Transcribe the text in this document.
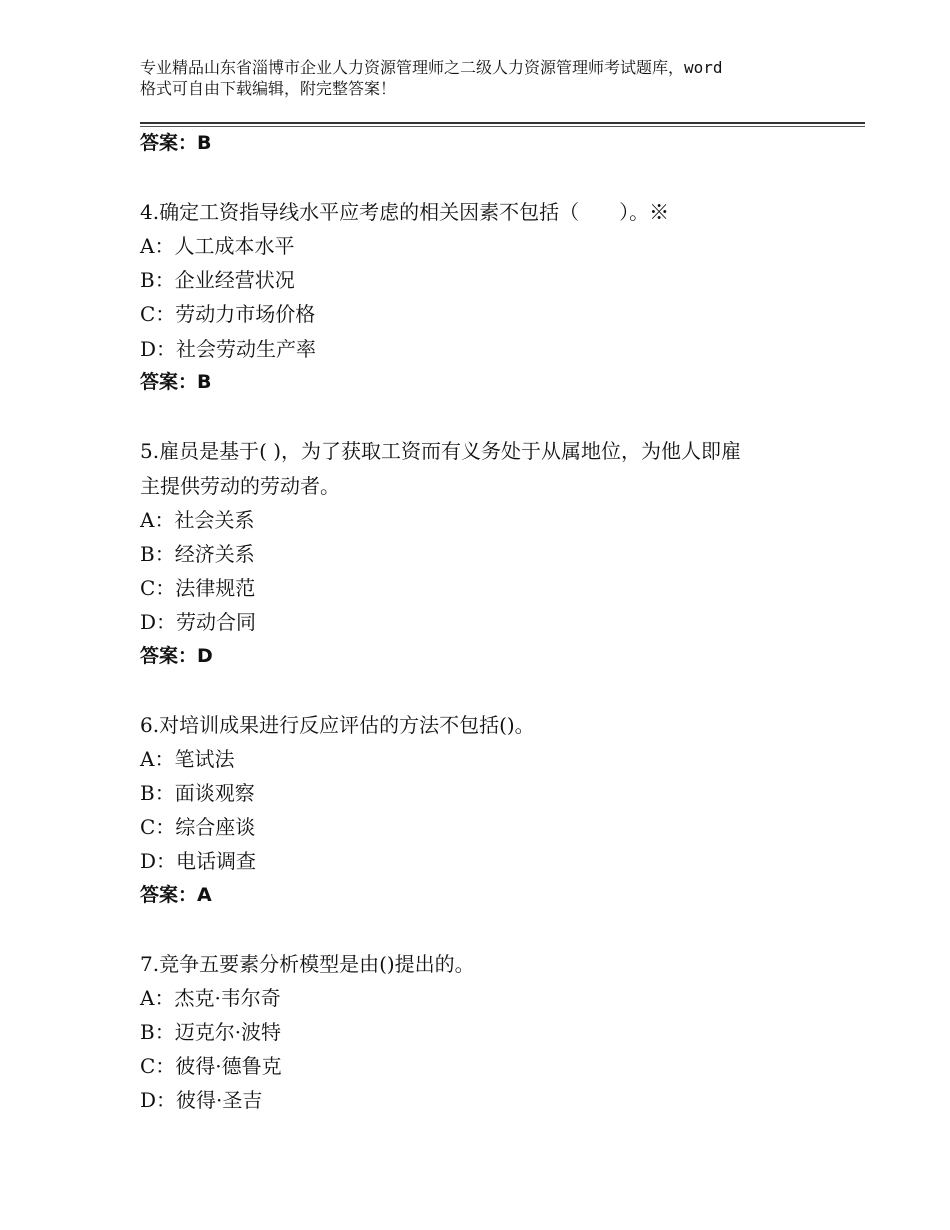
专业精品山东省淄博市企业人力资源管理师之二级人力资源管理师考试题库，word
格式可自由下载编辑，附完整答案！
答案：B
4.确定工资指导线水平应考虑的相关因素不包括（　　）。※
A：人工成本水平
B：企业经营状况
C：劳动力市场价格
D：社会劳动生产率
答案：B
5.雇员是基于( )，为了获取工资而有义务处于从属地位，为他人即雇
主提供劳动的劳动者。
A：社会关系
B：经济关系
C：法律规范
D：劳动合同
答案：D
6.对培训成果进行反应评估的方法不包括()。
A：笔试法
B：面谈观察
C：综合座谈
D：电话调查
答案：A
7.竞争五要素分析模型是由()提出的。
A：杰克·韦尔奇
B：迈克尔·波特
C：彼得·德鲁克
D：彼得·圣吉
